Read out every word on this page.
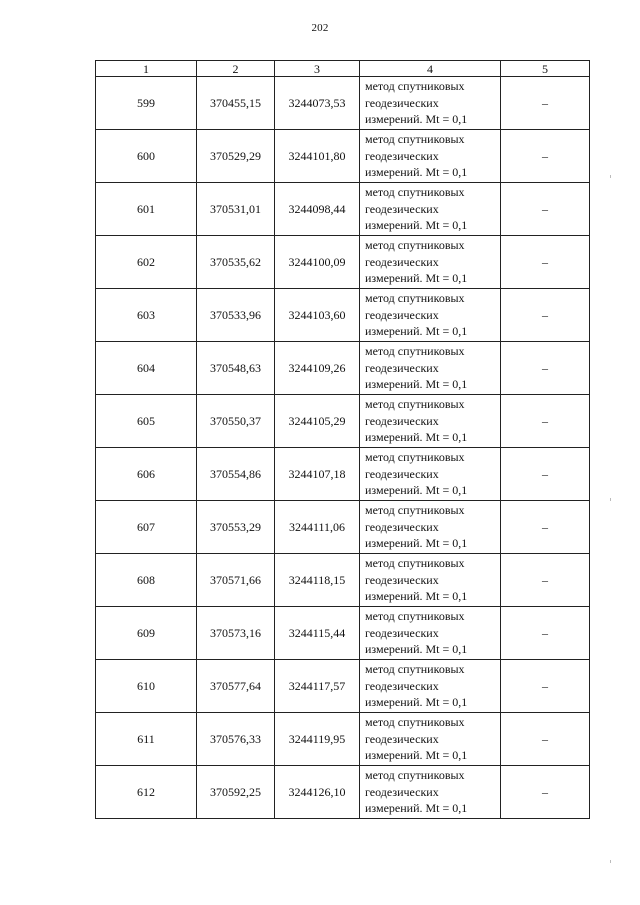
202
1	2	3	4	5
599	370455,15	3244073,53	метод спутниковых
геодезических
измерений. Mt = 0,1	–
600	370529,29	3244101,80	метод спутниковых
геодезических
измерений. Mt = 0,1	–
601	370531,01	3244098,44	метод спутниковых
геодезических
измерений. Mt = 0,1	–
602	370535,62	3244100,09	метод спутниковых
геодезических
измерений. Mt = 0,1	–
603	370533,96	3244103,60	метод спутниковых
геодезических
измерений. Mt = 0,1	–
604	370548,63	3244109,26	метод спутниковых
геодезических
измерений. Mt = 0,1	–
605	370550,37	3244105,29	метод спутниковых
геодезических
измерений. Mt = 0,1	–
606	370554,86	3244107,18	метод спутниковых
геодезических
измерений. Mt = 0,1	–
607	370553,29	3244111,06	метод спутниковых
геодезических
измерений. Mt = 0,1	–
608	370571,66	3244118,15	метод спутниковых
геодезических
измерений. Mt = 0,1	–
609	370573,16	3244115,44	метод спутниковых
геодезических
измерений. Mt = 0,1	–
610	370577,64	3244117,57	метод спутниковых
геодезических
измерений. Mt = 0,1	–
611	370576,33	3244119,95	метод спутниковых
геодезических
измерений. Mt = 0,1	–
612	370592,25	3244126,10	метод спутниковых
геодезических
измерений. Mt = 0,1	–
